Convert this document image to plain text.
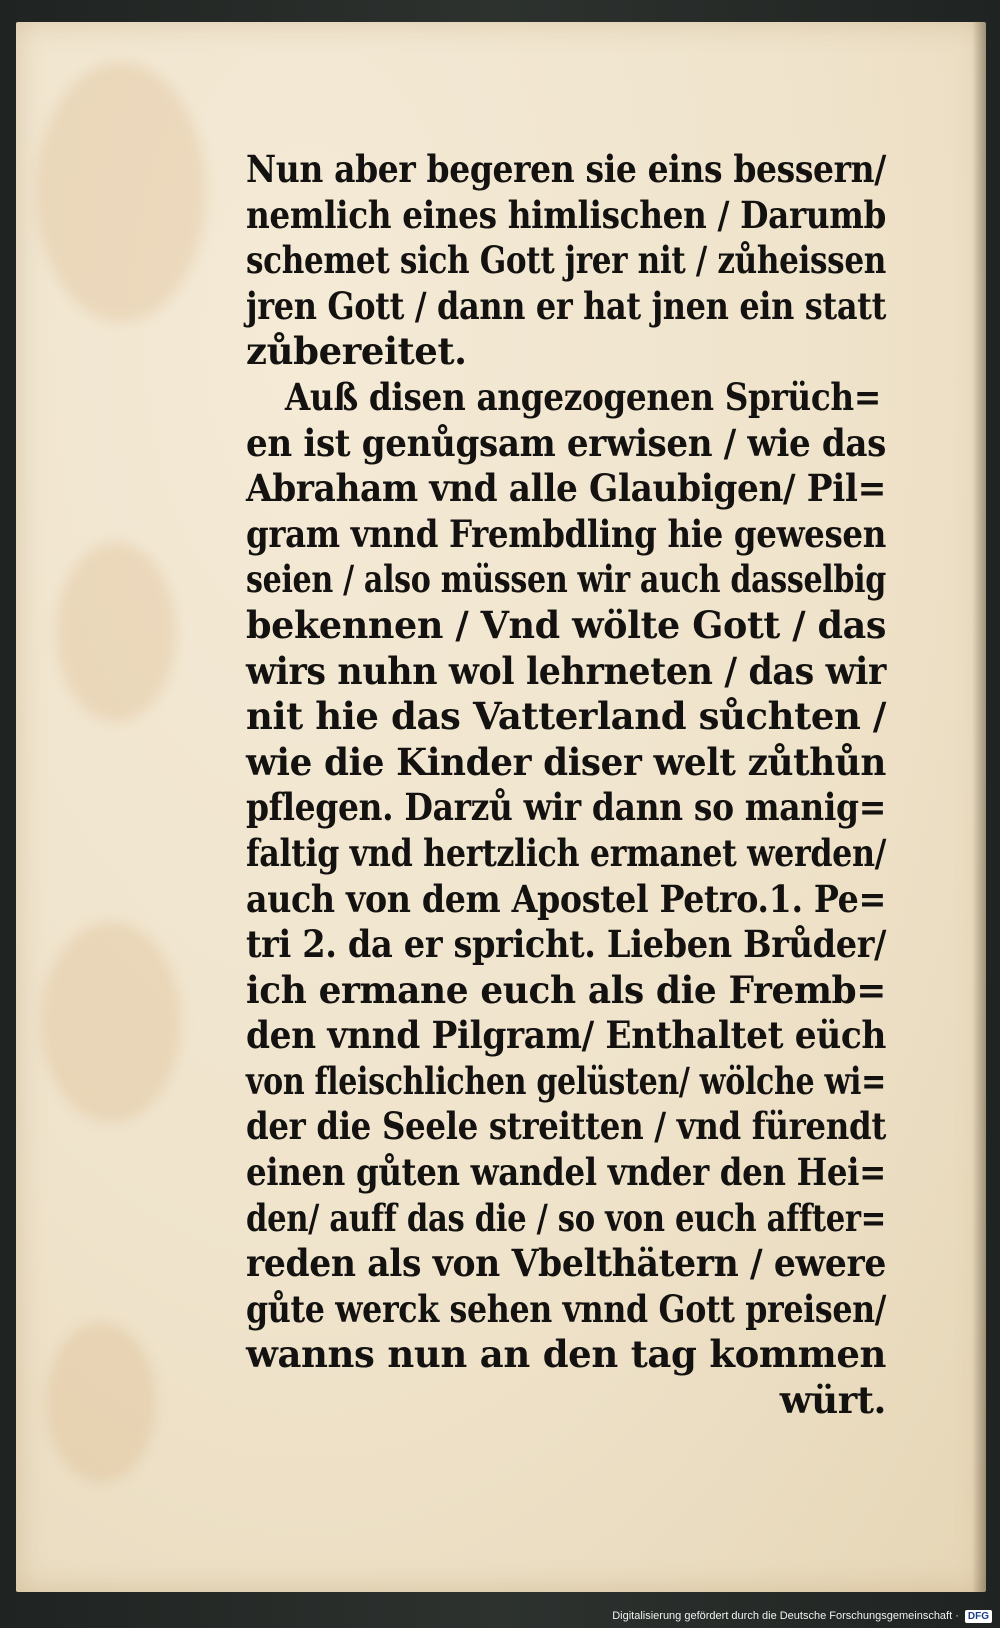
Nun aber begeren sie eins bessern/
nemlich eines himlischen / Darumb
schemet sich Gott jrer nit / zůheissen
jren Gott / dann er hat jnen ein statt
zůbereitet.
Auß disen angezogenen Sprüch=
en ist genůgsam erwisen / wie das
Abraham vnd alle Glaubigen/ Pil=
gram vnnd Frembdling hie gewesen
seien / also müssen wir auch dasselbig
bekennen / Vnd wölte Gott / das
wirs nuhn wol lehrneten / das wir
nit hie das Vatterland sůchten /
wie die Kinder diser welt zůthůn
pflegen. Darzů wir dann so manig=
faltig vnd hertzlich ermanet werden/
auch von dem Apostel Petro.1. Pe=
tri 2. da er spricht. Lieben Brůder/
ich ermane euch als die Fremb=
den vnnd Pilgram/ Enthaltet eüch
von fleischlichen gelüsten/ wölche wi=
der die Seele streitten / vnd fürendt
einen gůten wandel vnder den Hei=
den/ auff das die / so von euch affter=
reden als von Vbelthätern / ewere
gůte werck sehen vnnd Gott preisen/
wanns nun an den tag kommen
würt.
Digitalisierung gefördert durch die Deutsche Forschungsgemeinschaft · DFG
